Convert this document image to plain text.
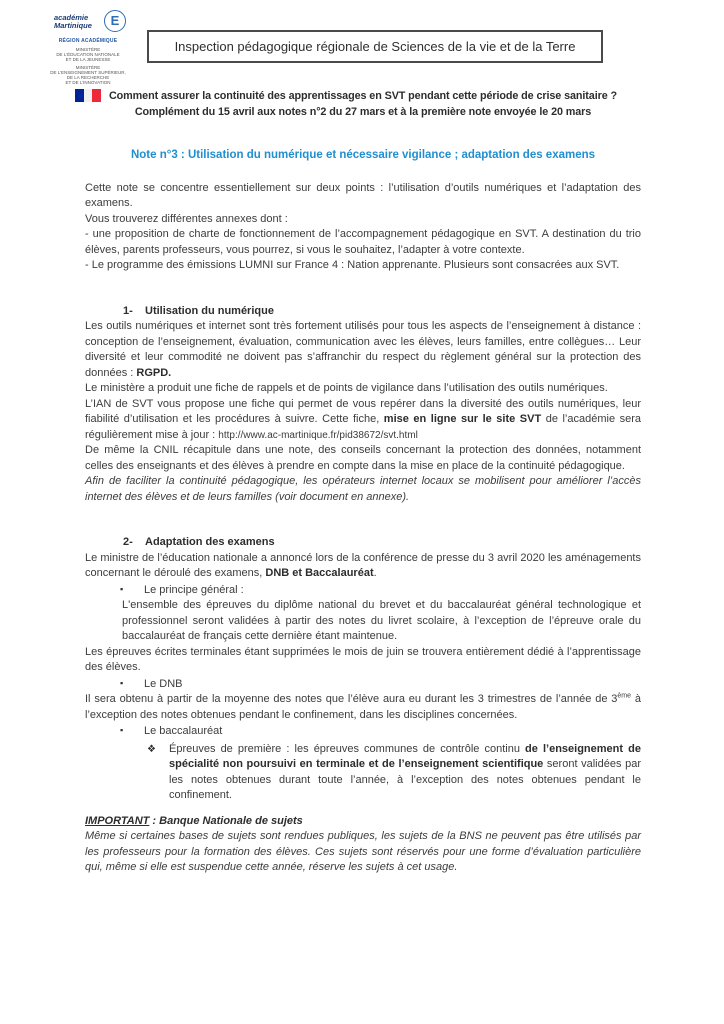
académie
Martinique	E
RÉGION ACADÉMIQUE
MINISTÈRE
DE L’ÉDUCATION NATIONALE
ET DE LA JEUNESSE
MINISTÈRE
DE L’ENSEIGNEMENT SUPÉRIEUR,
DE LA RECHERCHE
ET DE L’INNOVATION
Inspection pédagogique régionale de Sciences de la vie et de la Terre
Comment assurer la continuité des apprentissages en SVT pendant cette période de crise sanitaire ?
Complément du 15 avril aux notes n°2 du 27 mars et à la première note envoyée le 20 mars
Note n°3 : Utilisation du numérique et nécessaire vigilance ; adaptation des examens

Cette note se concentre essentiellement sur deux points : l’utilisation d’outils numériques et l’adaptation des examens.

Vous trouverez différentes annexes dont :

- une proposition de charte de fonctionnement de l’accompagnement pédagogique en SVT. A destination du trio élèves, parents professeurs, vous pourrez, si vous le souhaitez, l’adapter à votre contexte.

- Le programme des émissions LUMNI sur France 4 : Nation apprenante. Plusieurs sont consacrées aux SVT.

1- Utilisation du numérique

Les outils numériques et internet sont très fortement utilisés pour tous les aspects de l’enseignement à distance : conception de l’enseignement, évaluation, communication avec les élèves, leurs familles, entre collègues… Leur diversité et leur commodité ne doivent pas s’affranchir du respect du règlement général sur la protection des données : RGPD.

Le ministère a produit une fiche de rappels et de points de vigilance dans l’utilisation des outils numériques.

L’IAN de SVT vous propose une fiche qui permet de vous repérer dans la diversité des outils numériques, leur fiabilité d’utilisation et les procédures à suivre. Cette fiche, mise en ligne sur le site SVT de l’académie sera régulièrement mise à jour : http://www.ac-martinique.fr/pid38672/svt.html

De même la CNIL récapitule dans une note, des conseils concernant la protection des données, notamment celles des enseignants et des élèves à prendre en compte dans la mise en place de la continuité pédagogique.

Afin de faciliter la continuité pédagogique, les opérateurs internet locaux se mobilisent pour améliorer l’accès internet des élèves et de leurs familles (voir document en annexe).

2- Adaptation des examens

Le ministre de l’éducation nationale a annoncé lors de la conférence de presse du 3 avril 2020 les aménagements concernant le déroulé des examens, DNB et Baccalauréat.

▪ Le principe général :

L'ensemble des épreuves du diplôme national du brevet et du baccalauréat général technologique et professionnel seront validées à partir des notes du livret scolaire, à l’exception de l’épreuve orale du baccalauréat de français cette dernière étant maintenue.

Les épreuves écrites terminales étant supprimées le mois de juin se trouvera entièrement dédié à l’apprentissage des élèves.

▪ Le DNB

Il sera obtenu à partir de la moyenne des notes que l’élève aura eu durant les 3 trimestres de l’année de 3ème à l’exception des notes obtenues pendant le confinement, dans les disciplines concernées.

▪ Le baccalauréat
❖	Épreuves de première : les épreuves communes de contrôle continu de l’enseignement de spécialité non poursuivi en terminale et de l’enseignement scientifique seront validées par les notes obtenues durant toute l’année, à l’exception des notes obtenues pendant le confinement.

IMPORTANT : Banque Nationale de sujets

Même si certaines bases de sujets sont rendues publiques, les sujets de la BNS ne peuvent pas être utilisés par les professeurs pour la formation des élèves. Ces sujets sont réservés pour une forme d’évaluation particulière qui, même si elle est suspendue cette année, réserve les sujets à cet usage.
